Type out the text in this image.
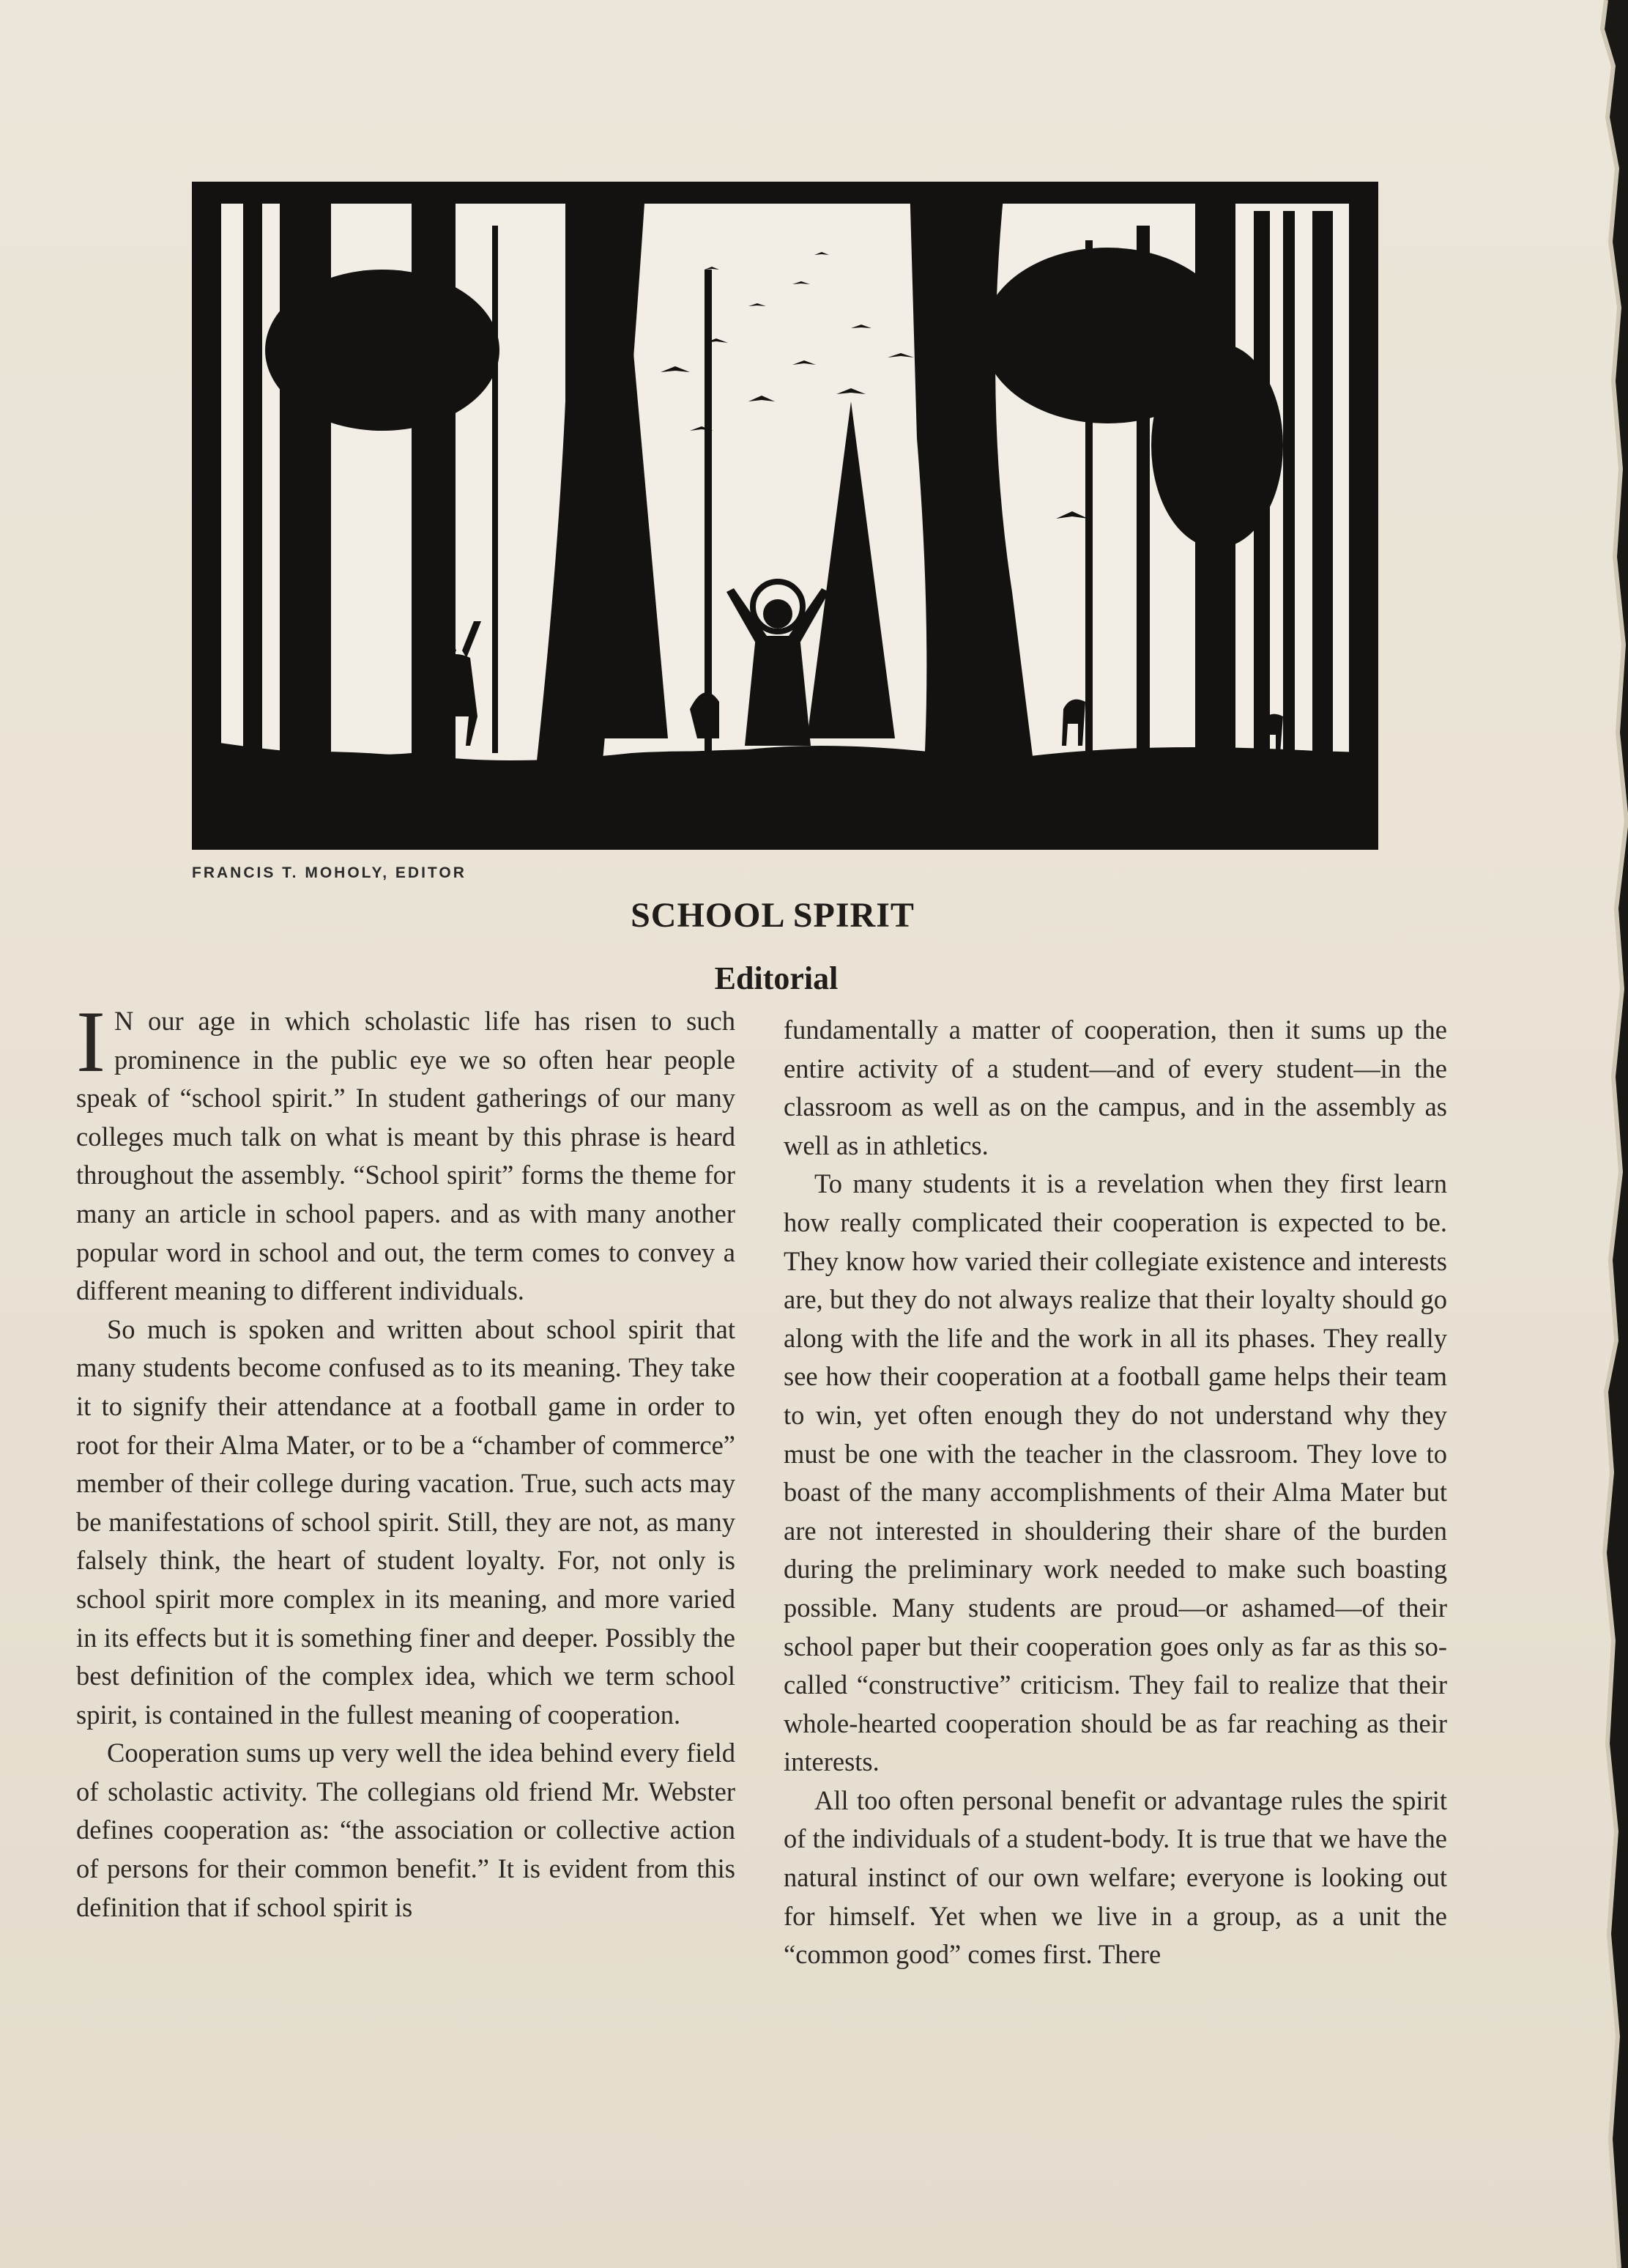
FRANCIS T. MOHOLY, EDITOR
SCHOOL SPIRIT
Editorial

I N our age in which scholastic life has risen to such prominence in the public eye we so often hear people speak of “school spirit.” In student gatherings of our many colleges much talk on what is meant by this phrase is heard throughout the assembly. “School spirit” forms the theme for many an article in school papers. and as with many another popular word in school and out, the term comes to convey a different meaning to different individuals.

So much is spoken and written about school spirit that many students become confused as to its meaning. They take it to signify their attendance at a football game in order to root for their Alma Mater, or to be a “chamber of commerce” member of their college during vacation. True, such acts may be manifestations of school spirit. Still, they are not, as many falsely think, the heart of student loyalty. For, not only is school spirit more complex in its meaning, and more varied in its effects but it is something finer and deeper. Possibly the best definition of the complex idea, which we term school spirit, is contained in the fullest meaning of cooperation.

Cooperation sums up very well the idea behind every field of scholastic activity. The collegians old friend Mr. Webster defines cooperation as: “the association or collective action of persons for their common benefit.” It is evident from this definition that if school spirit is

fundamentally a matter of cooperation, then it sums up the entire activity of a student—and of every student—in the classroom as well as on the campus, and in the assembly as well as in athletics.

To many students it is a revelation when they first learn how really complicated their cooperation is expected to be. They know how varied their collegiate existence and interests are, but they do not always realize that their loyalty should go along with the life and the work in all its phases. They really see how their cooperation at a football game helps their team to win, yet often enough they do not understand why they must be one with the teacher in the classroom. They love to boast of the many accomplishments of their Alma Mater but are not interested in shouldering their share of the burden during the preliminary work needed to make such boasting possible. Many students are proud—or ashamed—of their school paper but their cooperation goes only as far as this so-called “constructive” criticism. They fail to realize that their whole-hearted cooperation should be as far reaching as their interests.

All too often personal benefit or advantage rules the spirit of the individuals of a student-body. It is true that we have the natural instinct of our own welfare; everyone is looking out for himself. Yet when we live in a group, as a unit the “common good” comes first. There
